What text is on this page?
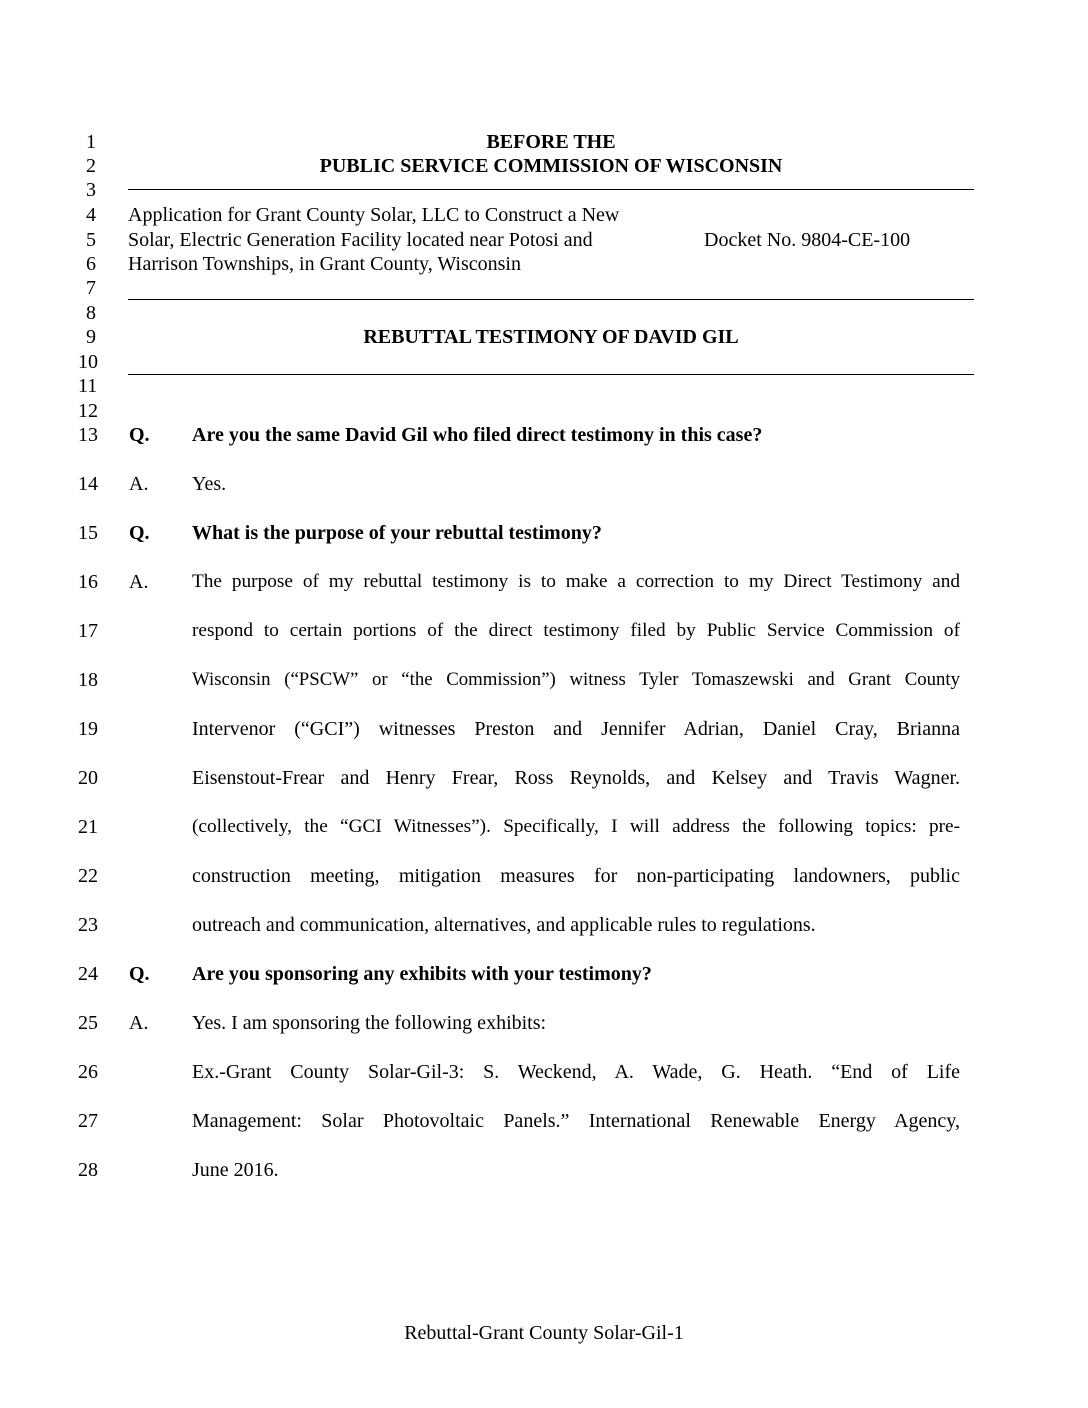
1
2
3
4
5
6
7
8
9
10
11
12
13
14
15
16
17
18
19
20
21
22
23
24
25
26
27
28
BEFORE THE
PUBLIC SERVICE COMMISSION OF WISCONSIN
Application for Grant County Solar, LLC to Construct a New
Solar, Electric Generation Facility located near Potosi and
Harrison Townships, in Grant County, Wisconsin
Docket No. 9804-CE-100
REBUTTAL TESTIMONY OF DAVID GIL
Q. Are you the same David Gil who filed direct testimony in this case?
A. Yes.
Q. What is the purpose of your rebuttal testimony?
A. The purpose of my rebuttal testimony is to make a correction to my Direct Testimony and
respond to certain portions of the direct testimony filed by Public Service Commission of
Wisconsin (“PSCW” or “the Commission”) witness Tyler Tomaszewski and Grant County
Intervenor (“GCI”) witnesses Preston and Jennifer Adrian, Daniel Cray, Brianna
Eisenstout-Frear and Henry Frear, Ross Reynolds, and Kelsey and Travis Wagner.
(collectively, the “GCI Witnesses”). Specifically, I will address the following topics: pre-
construction meeting, mitigation measures for non-participating landowners, public
outreach and communication, alternatives, and applicable rules to regulations.
Q. Are you sponsoring any exhibits with your testimony?
A. Yes. I am sponsoring the following exhibits:
Ex.-Grant County Solar-Gil-3: S. Weckend, A. Wade, G. Heath. “End of Life
Management: Solar Photovoltaic Panels.” International Renewable Energy Agency,
June 2016.
Rebuttal-Grant County Solar-Gil-1
